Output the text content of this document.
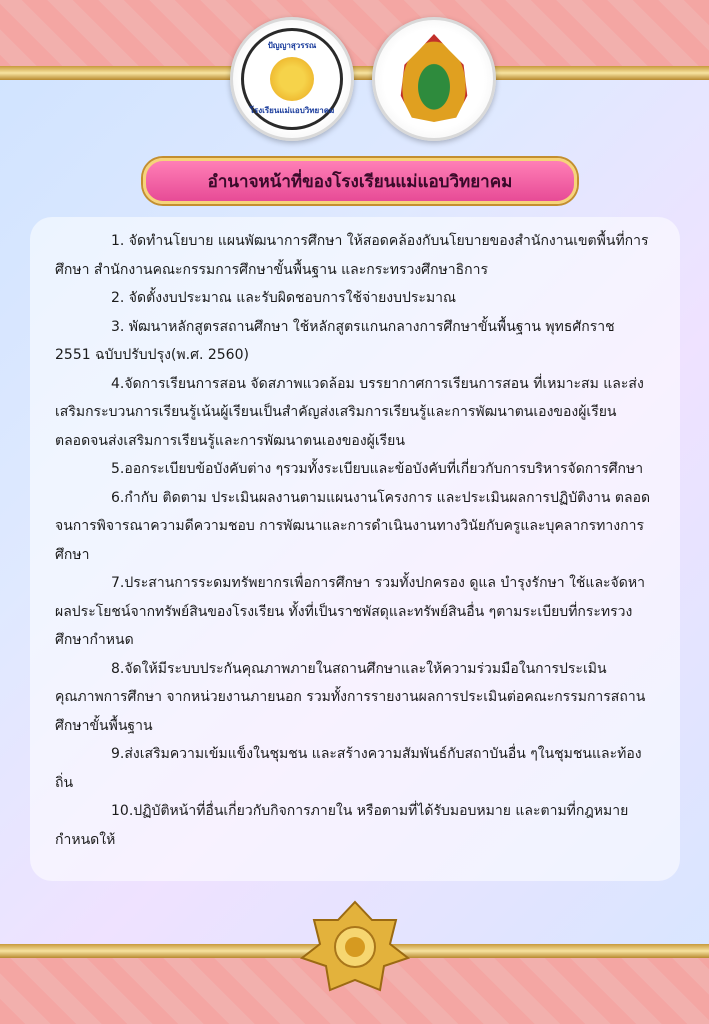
ปัญญาสุวรรณ
โรงเรียนแม่แอบวิทยาคม
อำนาจหน้าที่ของโรงเรียนแม่แอบวิทยาคม

1. จัดทำนโยบาย แผนพัฒนาการศึกษา ให้สอดคล้องกับนโยบายของสำนักงานเขตพื้นที่การศึกษา สำนักงานคณะกรรมการศึกษาขั้นพื้นฐาน และกระทรวงศึกษาธิการ

2. จัดตั้งงบประมาณ และรับผิดชอบการใช้จ่ายงบประมาณ

3. พัฒนาหลักสูตรสถานศึกษา ใช้หลักสูตรแกนกลางการศึกษาขั้นพื้นฐาน พุทธศักราช 2551 ฉบับปรับปรุง(พ.ศ. 2560)

4.จัดการเรียนการสอน จัดสภาพแวดล้อม บรรยากาศการเรียนการสอน ที่เหมาะสม และส่งเสริมกระบวนการเรียนรู้เน้นผู้เรียนเป็นสำคัญส่งเสริมการเรียนรู้และการพัฒนาตนเองของผู้เรียนตลอดจนส่งเสริมการเรียนรู้และการพัฒนาตนเองของผู้เรียน

5.ออกระเบียบข้อบังคับต่าง ๆรวมทั้งระเบียบและข้อบังคับที่เกี่ยวกับการบริหารจัดการศึกษา

6.กำกับ ติดตาม ประเมินผลงานตามแผนงานโครงการ และประเมินผลการปฏิบัติงาน ตลอดจนการพิจารณาความดีความชอบ การพัฒนาและการดำเนินงานทางวินัยกับครูและบุคลากรทางการศึกษา

7.ประสานการระดมทรัพยากรเพื่อการศึกษา รวมทั้งปกครอง ดูแล บำรุงรักษา ใช้และจัดหาผลประโยชน์จากทรัพย์สินของโรงเรียน ทั้งที่เป็นราชพัสดุและทรัพย์สินอื่น ๆตามระเบียบที่กระทรวงศึกษากำหนด

8.จัดให้มีระบบประกันคุณภาพภายในสถานศึกษาและให้ความร่วมมือในการประเมินคุณภาพการศึกษา จากหน่วยงานภายนอก รวมทั้งการรายงานผลการประเมินต่อคณะกรรมการสถานศึกษาขั้นพื้นฐาน

9.ส่งเสริมความเข้มแข็งในชุมชน และสร้างความสัมพันธ์กับสถาบันอื่น ๆในชุมชนและท้องถิ่น

10.ปฏิบัติหน้าที่อื่นเกี่ยวกับกิจการภายใน หรือตามที่ได้รับมอบหมาย และตามที่กฎหมายกำหนดให้
